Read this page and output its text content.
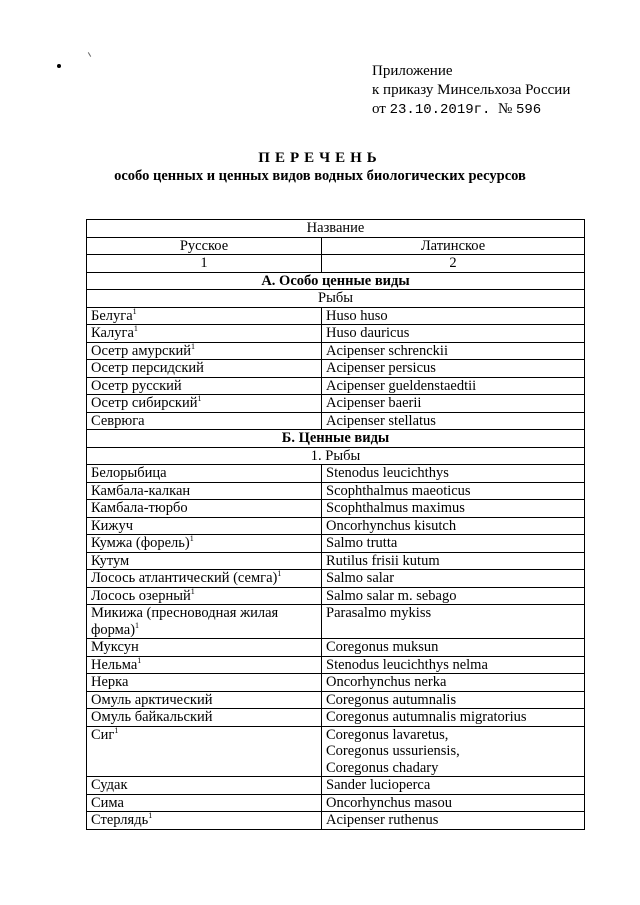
Приложение
к приказу Минсельхоза России
от 23.10.2019г. № 596
ПЕРЕЧЕНЬ
особо ценных и ценных видов водных биологических ресурсов
Название	
Русское	Латинское
1	2
А. Особо ценные виды	
Рыбы	
Белуга$^1$	Huso huso

Калуга$^1$	Huso dauricus

Осетр амурский$^1$	Acipenser schrenckii

Осетр персидский	Acipenser persicus

Осетр русский	Acipenser gueldenstaedtii

Осетр сибирский$^1$	Acipenser baerii

Севрюга	Acipenser stellatus

Б. Ценные виды	
1. Рыбы	
Белорыбица	Stenodus leucichthys

Камбала-калкан	Scophthalmus maeoticus

Камбала-тюрбо	Scophthalmus maximus

Кижуч	Oncorhynchus kisutch

Кумжа (форель)$^1$	Salmo trutta

Кутум	Rutilus frisii kutum

Лосось атлантический (семга)$^1$	Salmo salar

Лосось озерный$^1$	Salmo salar m. sebago

Микижа (пресноводная жилая форма)$^1$	Parasalmo mykiss

Муксун	Coregonus muksun

Нельма$^1$	Stenodus leucichthys nelma

Нерка	Oncorhynchus nerka

Омуль арктический	Coregonus autumnalis

Омуль байкальский	Coregonus autumnalis migratorius

Сиг$^1$	Coregonus lavaretus,
Coregonus ussuriensis,
Coregonus chadary

Судак	Sander lucioperca

Сима	Oncorhynchus masou

Стерлядь$^1$	Acipenser ruthenus
